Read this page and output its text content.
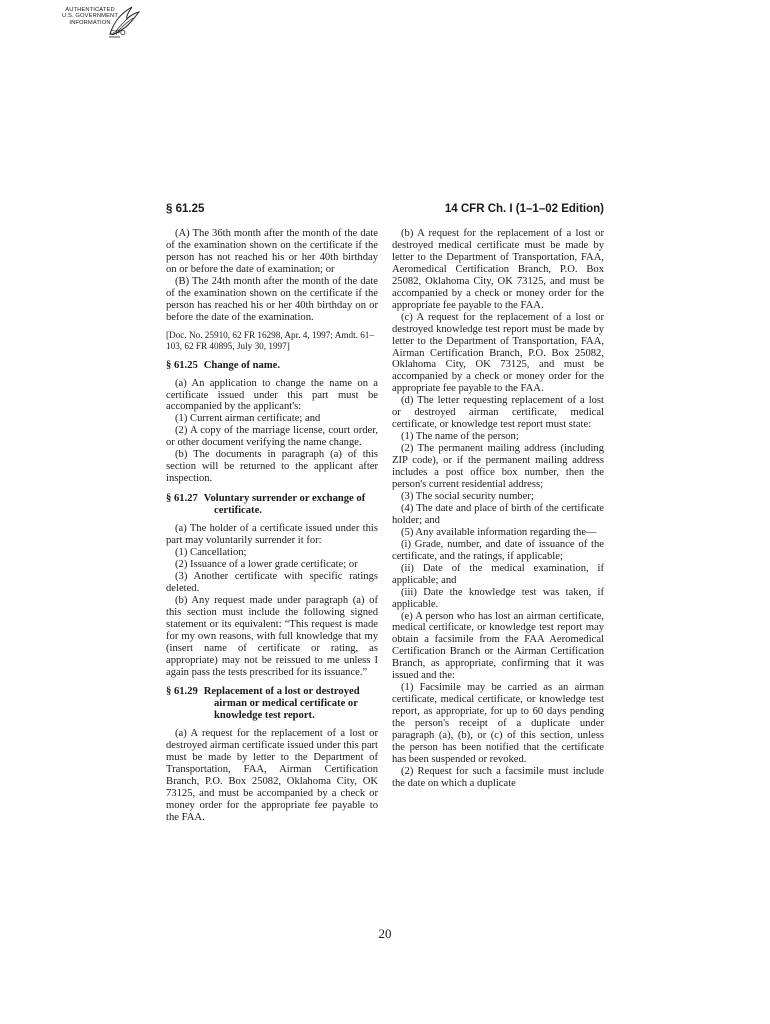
AUTHENTICATED
U.S. GOVERNMENT
INFORMATION
GPO
§ 61.25	14 CFR Ch. I (1–1–02 Edition)

(A) The 36th month after the month of the date of the examination shown on the certificate if the person has not reached his or her 40th birthday on or before the date of examination; or

(B) The 24th month after the month of the date of the examination shown on the certificate if the person has reached his or her 40th birthday on or before the date of the examination.

[Doc. No. 25910, 62 FR 16298, Apr. 4, 1997; Amdt. 61–103, 62 FR 40895, July 30, 1997]

§ 61.25 Change of name.

(a) An application to change the name on a certificate issued under this part must be accompanied by the applicant's:

(1) Current airman certificate; and

(2) A copy of the marriage license, court order, or other document verifying the name change.

(b) The documents in paragraph (a) of this section will be returned to the applicant after inspection.

§ 61.27 Voluntary surrender or exchange of certificate.

(a) The holder of a certificate issued under this part may voluntarily surrender it for:

(1) Cancellation;

(2) Issuance of a lower grade certificate; or

(3) Another certificate with specific ratings deleted.

(b) Any request made under paragraph (a) of this section must include the following signed statement or its equivalent: “This request is made for my own reasons, with full knowledge that my (insert name of certificate or rating, as appropriate) may not be reissued to me unless I again pass the tests prescribed for its issuance.”

§ 61.29 Replacement of a lost or destroyed airman or medical certificate or knowledge test report.

(a) A request for the replacement of a lost or destroyed airman certificate issued under this part must be made by letter to the Department of Transportation, FAA, Airman Certification Branch, P.O. Box 25082, Oklahoma City, OK 73125, and must be accompanied by a check or money order for the appropriate fee payable to the FAA.

(b) A request for the replacement of a lost or destroyed medical certificate must be made by letter to the Department of Transportation, FAA, Aeromedical Certification Branch, P.O. Box 25082, Oklahoma City, OK 73125, and must be accompanied by a check or money order for the appropriate fee payable to the FAA.

(c) A request for the replacement of a lost or destroyed knowledge test report must be made by letter to the Department of Transportation, FAA, Airman Certification Branch, P.O. Box 25082, Oklahoma City, OK 73125, and must be accompanied by a check or money order for the appropriate fee payable to the FAA.

(d) The letter requesting replacement of a lost or destroyed airman certificate, medical certificate, or knowledge test report must state:

(1) The name of the person;

(2) The permanent mailing address (including ZIP code), or if the permanent mailing address includes a post office box number, then the person's current residential address;

(3) The social security number;

(4) The date and place of birth of the certificate holder; and

(5) Any available information regarding the—

(i) Grade, number, and date of issuance of the certificate, and the ratings, if applicable;

(ii) Date of the medical examination, if applicable; and

(iii) Date the knowledge test was taken, if applicable.

(e) A person who has lost an airman certificate, medical certificate, or knowledge test report may obtain a facsimile from the FAA Aeromedical Certification Branch or the Airman Certification Branch, as appropriate, confirming that it was issued and the:

(1) Facsimile may be carried as an airman certificate, medical certificate, or knowledge test report, as appropriate, for up to 60 days pending the person's receipt of a duplicate under paragraph (a), (b), or (c) of this section, unless the person has been notified that the certificate has been suspended or revoked.

(2) Request for such a facsimile must include the date on which a duplicate

20
